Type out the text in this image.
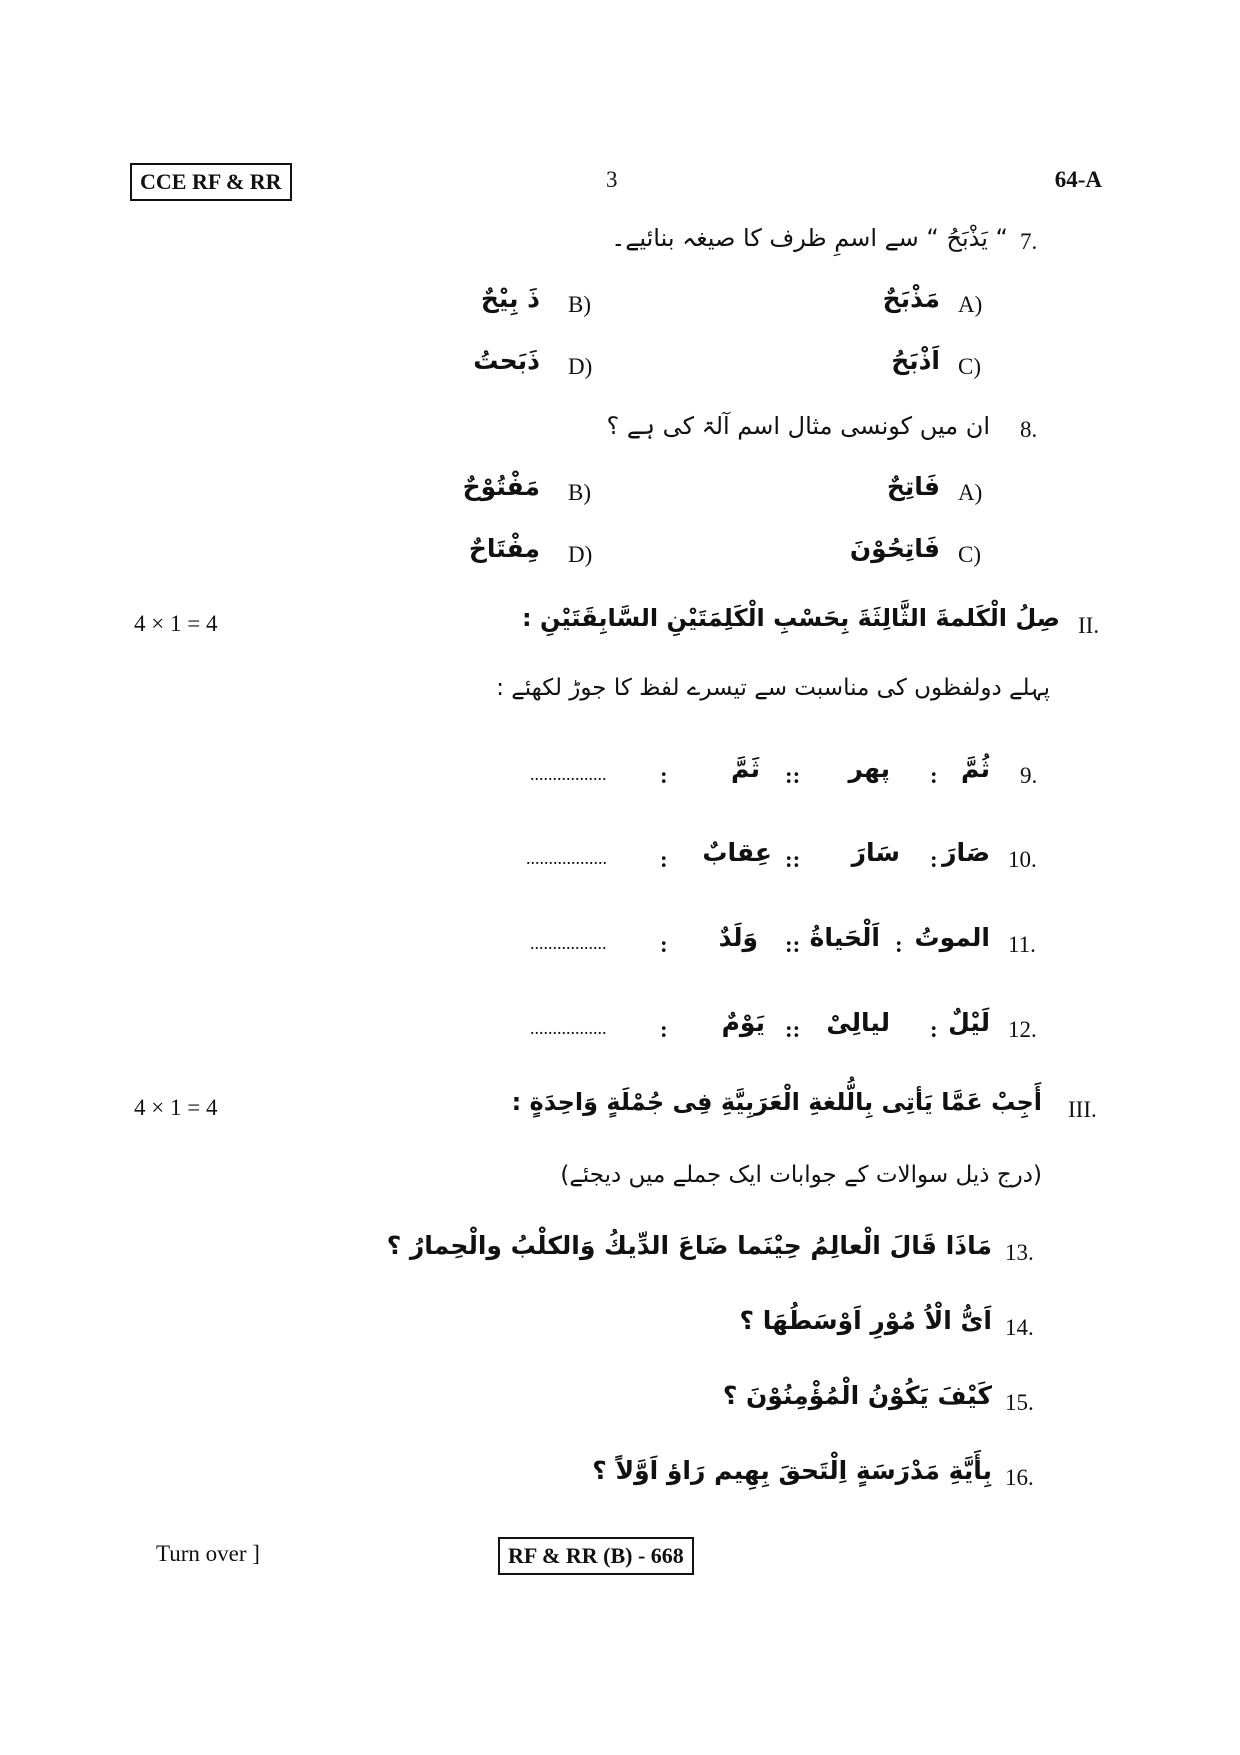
CCE RF & RR	3	64-A
7.
“ يَذْبَحُ “ سے اسمِ ظرف کا صیغہ بنائیے۔
A)
مَذْبَحٌ
B)
ذَ بِيْحٌ
C)
اَذْبَحُ
D)
ذَبَحتُ
8.
ان میں کونسی مثال اسم آلۃ کی ہے ؟
A)
فَاتِحٌ
B)
مَفْتُوْحٌ
C)
فَاتِحُوْنَ
D)
مِفْتَاحٌ
4 × 1 = 4	II.
صِلُ الْكَلمةَ الثَّالِثَةَ بِحَسْبِ الْكَلِمَتَيْنِ السَّابِقَتَيْنِ :
پہلے دولفظوں کی مناسبت سے تیسرے لفظ کا جوڑ لکھئے :
9.
ثُمَّ
:
پھر
::
ثَمَّ
:
.................
10.
صَارَ
:
سَارَ
::
عِقابٌ
:
..................
11.
الموتُ
:
اَلْحَياةُ
::
وَلَدٌ
:
.................
12.
لَيْلٌ
:
ليالِىْ
::
يَوْمٌ
:
.................
4 × 1 = 4	III.
أَجِبْ عَمَّا يَأتِى بِالُّلغةِ الْعَرَبِيَّةِ فِى جُمْلَةٍ وَاحِدَةٍ :
(درج ذیل سوالات کے جوابات ایک جملے میں دیجئے)
13.
مَاذَا قَالَ الْعالِمُ حِيْنَما ضَاعَ الدِّيكُ وَالكلْبُ والْحِمارُ ؟
14.
اَىُّ الْاُ مُوْرِ اَوْسَطُهَا ؟
15.
كَيْفَ يَكُوْنُ الْمُؤْمِنُوْنَ ؟
16.
بِأَيَّةِ مَدْرَسَةٍ اِلْتَحقَ بِهِيم رَاؤ اَوَّلاً ؟
Turn over ]	RF & RR (B) - 668
